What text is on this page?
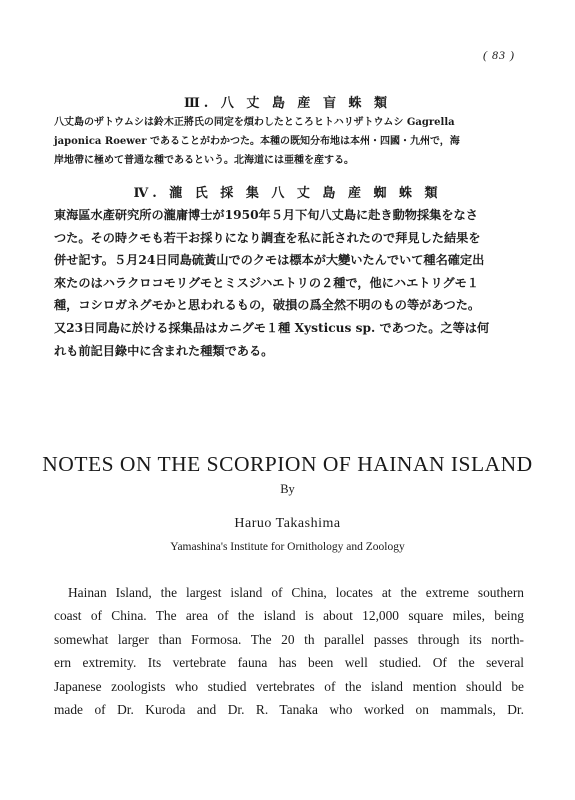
( 83 )
Ⅲ. 八 丈 島 産 盲 蛛 類
八丈島のザトウムシは鈴木正將氏の同定を煩わしたところヒトハリザトウムシ Gagrella
japonica Roewer であることがわかつた。本種の既知分布地は本州・四國・九州で，海
岸地帶に極めて普通な種であるという。北海道には亜種を産する。
Ⅳ. 瀧 氏 採 集 八 丈 島 産 蜘 蛛 類
東海區水產研究所の瀧庸博士が1950年５月下旬八丈島に赴き動物採集をなさ
つた。その時クモも若干お採りになり調査を私に託されたので拜見した結果を
併せ記す。５月24日同島硫黃山でのクモは標本が大變いたんでいて種名確定出
來たのはハラクロコモリグモとミスジハエトリの２種で，他にハエトリグモ１
種，コシロガネグモかと思われるもの，破損の爲全然不明のもの等があつた。
又23日同島に於ける採集品はカニグモ１種 Xysticus sp. であつた。之等は何
れも前記目錄中に含まれた種類である。
NOTES ON THE SCORPION OF HAINAN ISLAND
By
Haruo Takashima
Yamashina's Institute for Ornithology and Zoology
Hainan Island, the largest island of China, locates at the extreme southern
coast of China. The area of the island is about 12,000 square miles, being
somewhat larger than Formosa. The 20 th parallel passes through its north-
ern extremity. Its vertebrate fauna has been well studied. Of the several
Japanese zoologists who studied vertebrates of the island mention should be
made of Dr. Kuroda and Dr. R. Tanaka who worked on mammals, Dr.
